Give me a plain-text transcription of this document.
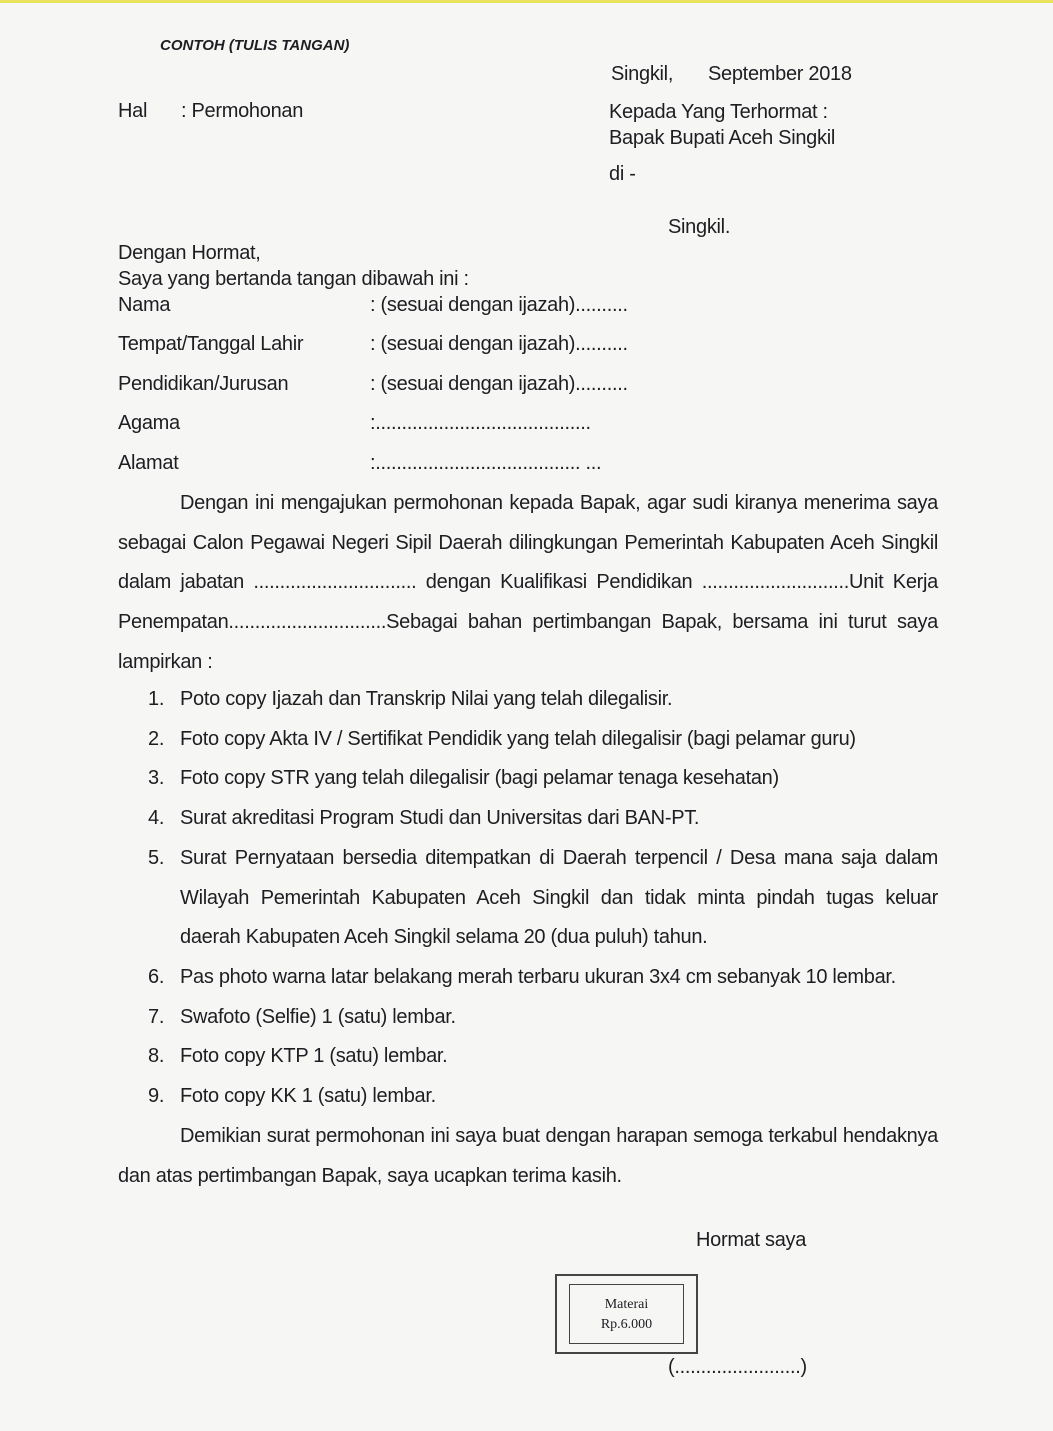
CONTOH (TULIS TANGAN)
Singkil, September 2018
Hal : Permohonan	Kepada Yang Terhormat :
Bapak Bupati Aceh Singkil
di -
Singkil.
Dengan Hormat,
Saya yang bertanda tangan dibawah ini :
Nama	: (sesuai dengan ijazah)..........
Tempat/Tanggal Lahir	: (sesuai dengan ijazah)..........
Pendidikan/Jurusan	: (sesuai dengan ijazah)..........
Agama	:.........................................
Alamat	:....................................... ...
Dengan ini mengajukan permohonan kepada Bapak, agar sudi kiranya menerima saya sebagai Calon Pegawai Negeri Sipil Daerah dilingkungan Pemerintah Kabupaten Aceh Singkil dalam jabatan ............................... dengan Kualifikasi Pendidikan ............................Unit Kerja Penempatan..............................Sebagai bahan pertimbangan Bapak, bersama ini turut saya lampirkan :
1. Poto copy Ijazah dan Transkrip Nilai yang telah dilegalisir.
2. Foto copy Akta IV / Sertifikat Pendidik yang telah dilegalisir (bagi pelamar guru)
3. Foto copy STR yang telah dilegalisir (bagi pelamar tenaga kesehatan)
4. Surat akreditasi Program Studi dan Universitas dari BAN-PT.
5. Surat Pernyataan bersedia ditempatkan di Daerah terpencil / Desa mana saja dalam Wilayah Pemerintah Kabupaten Aceh Singkil dan tidak minta pindah tugas keluar daerah Kabupaten Aceh Singkil selama 20 (dua puluh) tahun.
6. Pas photo warna latar belakang merah terbaru ukuran 3x4 cm sebanyak 10 lembar.
7. Swafoto (Selfie) 1 (satu) lembar.
8. Foto copy KTP 1 (satu) lembar.
9. Foto copy KK 1 (satu) lembar.
Demikian surat permohonan ini saya buat dengan harapan semoga terkabul hendaknya dan atas pertimbangan Bapak, saya ucapkan terima kasih.
Hormat saya
Materai
Rp.6.000
(........................)
